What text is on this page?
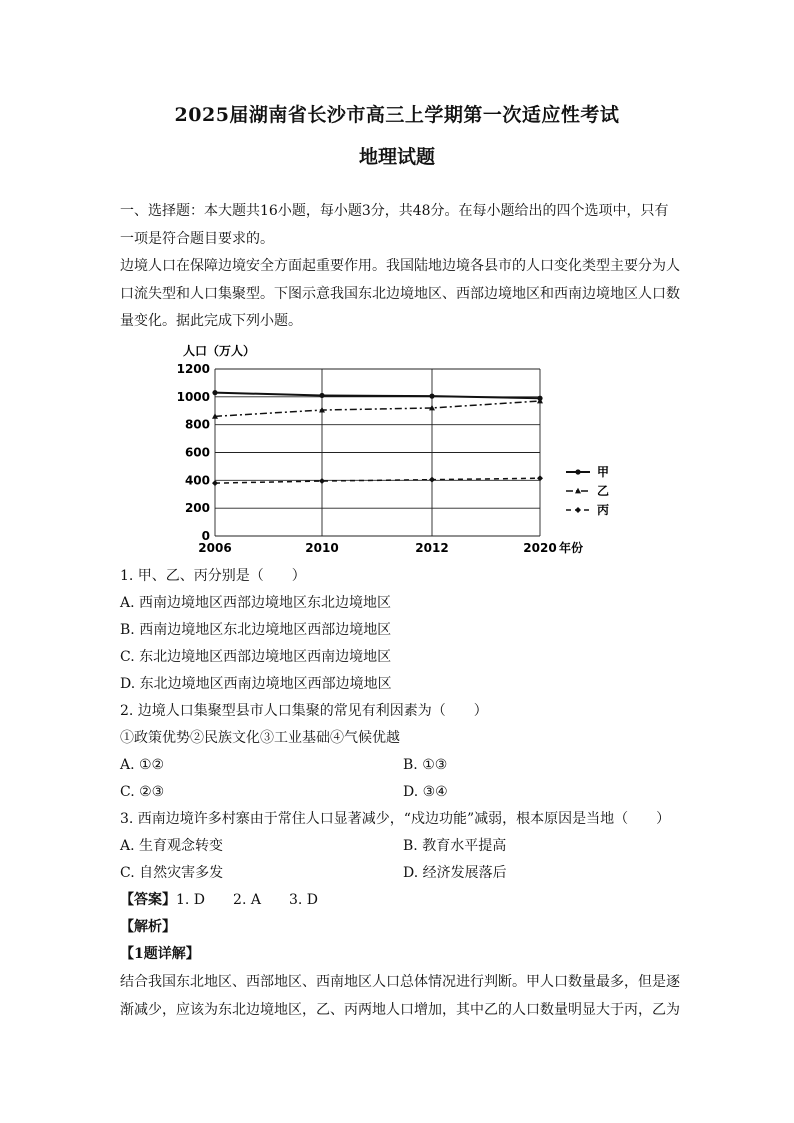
2025届湖南省长沙市高三上学期第一次适应性考试
地理试题
一、选择题：本大题共16小题，每小题3分，共48分。在每小题给出的四个选项中，只有一项是符合题目要求的。
边境人口在保障边境安全方面起重要作用。我国陆地边境各县市的人口变化类型主要分为人口流失型和人口集聚型。下图示意我国东北边境地区、西部边境地区和西南边境地区人口数量变化。据此完成下列小题。
人口（万人）
0
200
400
600
800
1000
1200
2006	2010	2012	2020 年份
甲
乙
丙
1. 甲、乙、丙分别是（　　）
A. 西南边境地区西部边境地区东北边境地区
B. 西南边境地区东北边境地区西部边境地区
C. 东北边境地区西部边境地区西南边境地区
D. 东北边境地区西南边境地区西部边境地区
2. 边境人口集聚型县市人口集聚的常见有利因素为（　　）
①政策优势②民族文化③工业基础④气候优越
A. ①②	B. ①③
C. ②③	D. ③④
3. 西南边境许多村寨由于常住人口显著减少，“戍边功能”减弱，根本原因是当地（　　）
A. 生育观念转变	B. 教育水平提高
C. 自然灾害多发	D. 经济发展落后
【答案】1. D　　2. A　　3. D
【解析】
【1题详解】
结合我国东北地区、西部地区、西南地区人口总体情况进行判断。甲人口数量最多，但是逐渐减少，应该为东北边境地区，乙、丙两地人口增加，其中乙的人口数量明显大于丙，乙为
